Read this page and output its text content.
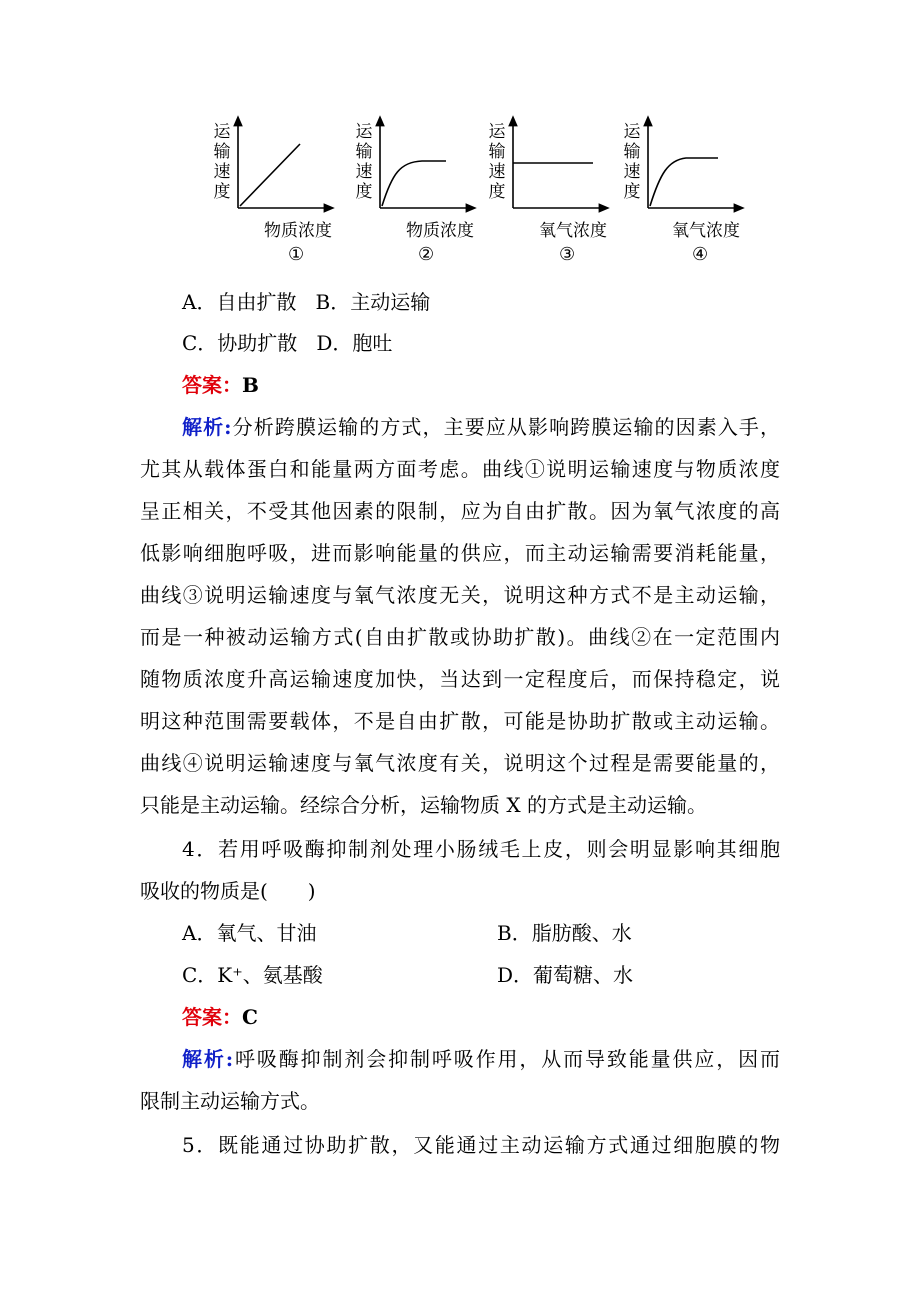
运
输
速
度
物质浓度
①
运
输
速
度
物质浓度
②
运
输
速
度
氧气浓度
③
运
输
速
度
氧气浓度
④
A．自由扩散 B．主动运输
C．协助扩散 D．胞吐
答案：B
解析:分析跨膜运输的方式，主要应从影响跨膜运输的因素入手，
尤其从载体蛋白和能量两方面考虑。曲线①说明运输速度与物质浓度
呈正相关，不受其他因素的限制，应为自由扩散。因为氧气浓度的高
低影响细胞呼吸，进而影响能量的供应，而主动运输需要消耗能量，
曲线③说明运输速度与氧气浓度无关，说明这种方式不是主动运输，
而是一种被动运输方式(自由扩散或协助扩散)。曲线②在一定范围内
随物质浓度升高运输速度加快，当达到一定程度后，而保持稳定，说
明这种范围需要载体，不是自由扩散，可能是协助扩散或主动运输。
曲线④说明运输速度与氧气浓度有关，说明这个过程是需要能量的，
只能是主动运输。经综合分析，运输物质 X 的方式是主动运输。
4．若用呼吸酶抑制剂处理小肠绒毛上皮，则会明显影响其细胞
吸收的物质是(　　)
A．氧气、甘油	B．脂肪酸、水
C．K⁺、氨基酸	D．葡萄糖、水
答案：C
解析:呼吸酶抑制剂会抑制呼吸作用，从而导致能量供应，因而
限制主动运输方式。
5．既能通过协助扩散，又能通过主动运输方式通过细胞膜的物
